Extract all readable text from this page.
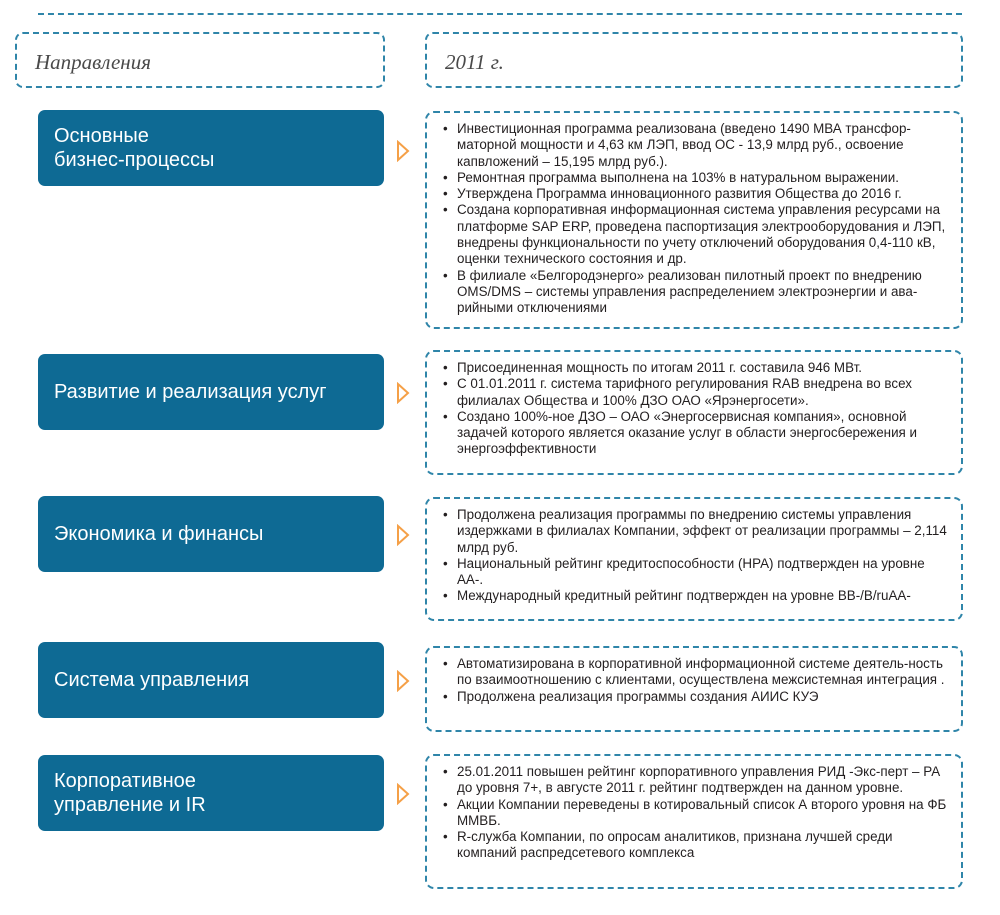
Направления	2011 г.
Основные
бизнес-процессы
• Инвестиционная программа реализована (введено 1490 МВА трансфор-маторной мощности и 4,63 км ЛЭП, ввод ОС - 13,9 млрд руб., освоение капвложений – 15,195 млрд руб.).
• Ремонтная программа выполнена на 103% в натуральном выражении.
• Утверждена Программа инновационного развития Общества до 2016 г.
• Создана корпоративная информационная система управления ресурсами на платформе SAP ERP, проведена паспортизация электрооборудования и ЛЭП, внедрены функциональности по учету отключений оборудования 0,4-110 кВ, оценки технического состояния и др.
• В филиале «Белгородэнерго» реализован пилотный проект по внедрению OMS/DMS – системы управления распределением электроэнергии и ава-рийными отключениями
Развитие и реализация услуг
• Присоединенная мощность по итогам 2011 г. составила 946 МВт.
• С 01.01.2011 г. система тарифного регулирования RAB внедрена во всех филиалах Общества и 100% ДЗО ОАО «Ярэнергосети».
• Создано 100%-ное ДЗО – ОАО «Энергосервисная компания», основной задачей которого является оказание услуг в области энергосбережения и энергоэффективности
Экономика и финансы
• Продолжена реализация программы по внедрению системы управления издержками в филиалах Компании, эффект от реализации программы – 2,114 млрд руб.
• Национальный рейтинг кредитоспособности (НРА) подтвержден на уровне АА-.
• Международный кредитный рейтинг подтвержден на уровне BB-/B/ruAA-
Система управления
• Автоматизирована в корпоративной информационной системе деятель-ность по взаимоотношению с клиентами, осуществлена межсистемная интеграция .
• Продолжена реализация программы создания АИИС КУЭ
Корпоративное
управление и IR
• 25.01.2011 повышен рейтинг корпоративного управления РИД -Экс-перт – РА до уровня 7+, в августе 2011 г. рейтинг подтвержден на данном уровне.
• Акции Компании переведены в котировальный список А второго уровня на ФБ ММВБ.
• R-служба Компании, по опросам аналитиков, признана лучшей среди компаний распредсетевого комплекса
